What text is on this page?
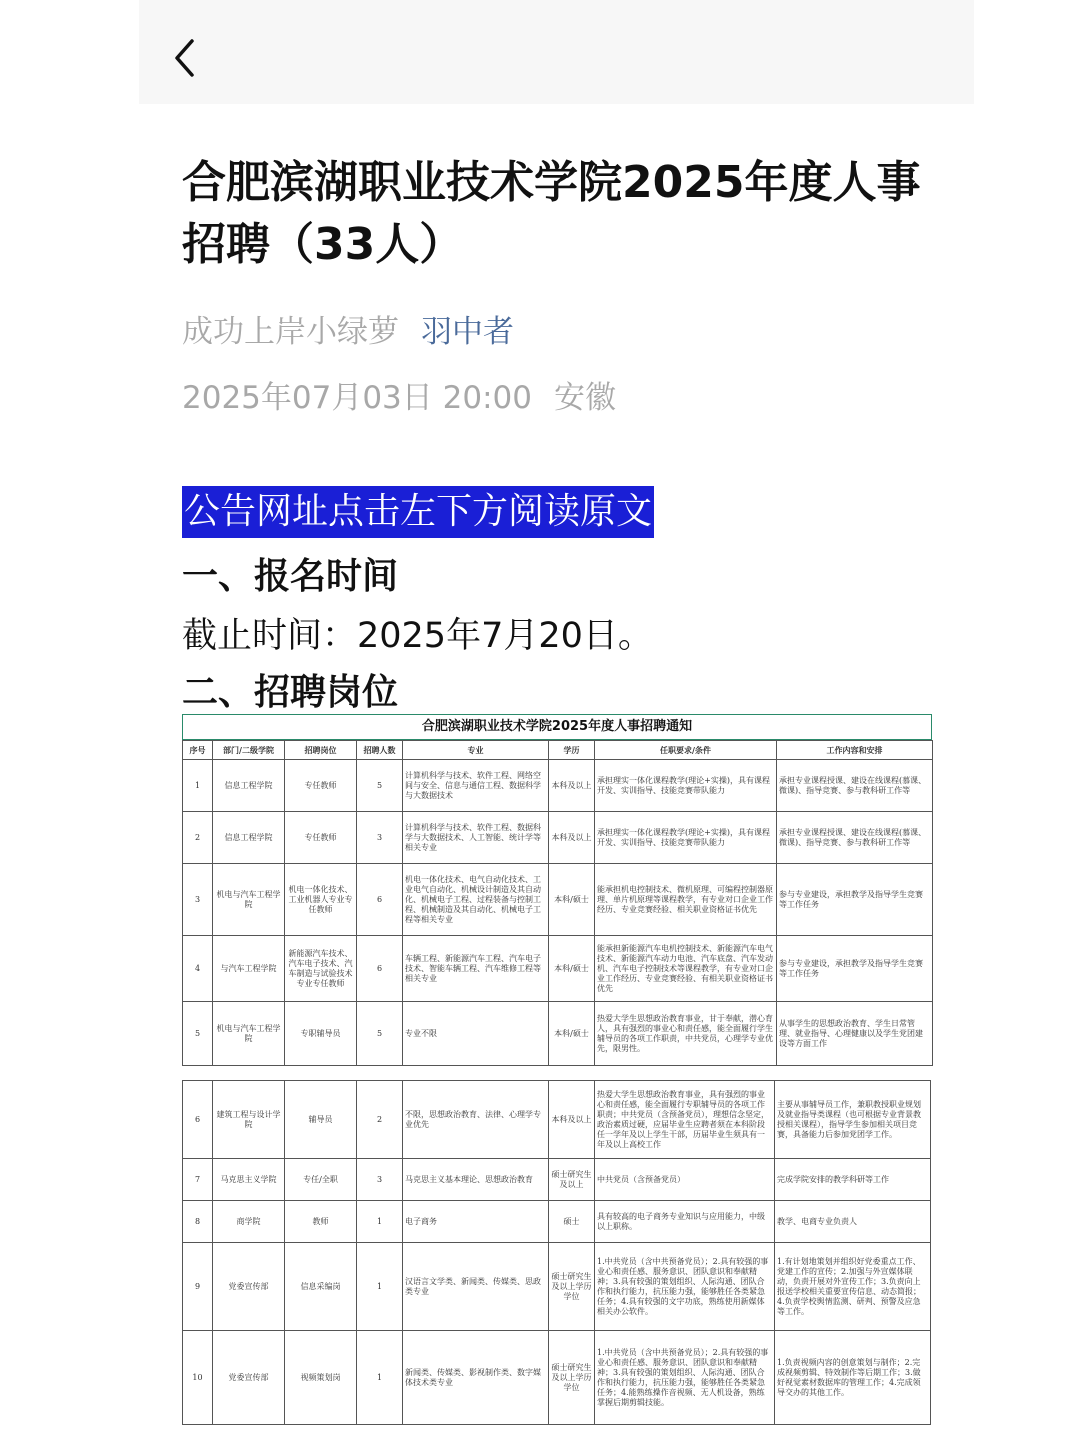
合肥滨湖职业技术学院2025年度人事招聘（33人）
成功上岸小绿萝 羽中者
2025年07月03日 20:00 安徽
公告网址点击左下方阅读原文
一、报名时间
截止时间：2025年7月20日。
二、招聘岗位
合肥滨湖职业技术学院2025年度人事招聘通知
序号	部门/二级学院	招聘岗位	招聘人数	专业	学历	任职要求/条件	工作内容和安排
1	信息工程学院	专任教师	5	计算机科学与技术、软件工程、网络空间与安全、信息与通信工程、数据科学与大数据技术	本科及以上	承担理实一体化课程教学(理论+实操)，具有课程开发、实训指导、技能竞赛带队能力	承担专业课程授课、建设在线课程(慕课、微课)、指导竞赛、参与教科研工作等
2	信息工程学院	专任教师	3	计算机科学与技术、软件工程、数据科学与大数据技术、人工智能、统计学等相关专业	本科及以上	承担理实一体化课程教学(理论+实操)，具有课程开发、实训指导、技能竞赛带队能力	承担专业课程授课、建设在线课程(慕课、微课)、指导竞赛、参与教科研工作等
3	机电与汽车工程学院	机电一体化技术、工业机器人专业专任教师	6	机电一体化技术、电气自动化技术、工业电气自动化、机械设计制造及其自动化、机械电子工程、过程装备与控制工程、机械制造及其自动化、机械电子工程等相关专业	本科/硕士	能承担机电控制技术、微机原理、可编程控制器原理、单片机原理等课程教学，有专业对口企业工作经历、专业竞赛经验、相关职业资格证书优先	参与专业建设，承担教学及指导学生竞赛等工作任务
4	与汽车工程学院	新能源汽车技术、汽车电子技术、汽车制造与试验技术专业专任教师	6	车辆工程、新能源汽车工程、汽车电子技术、智能车辆工程、汽车维修工程等相关专业	本科/硕士	能承担新能源汽车电机控制技术、新能源汽车电气技术、新能源汽车动力电池、汽车底盘、汽车发动机、汽车电子控制技术等课程教学，有专业对口企业工作经历、专业竞赛经验、有相关职业资格证书优先	参与专业建设，承担教学及指导学生竞赛等工作任务
5	机电与汽车工程学院	专职辅导员	5	专业不限	本科/硕士	热爱大学生思想政治教育事业，甘于奉献，潜心育人，具有强烈的事业心和责任感，能全面履行学生辅导员的各项工作职责，中共党员，心理学专业优先，限男性。	从事学生的思想政治教育、学生日常管理、就业指导、心理健康以及学生党团建设等方面工作
6	建筑工程与设计学院	辅导员	2	不限，思想政治教育、法律、心理学专业优先	本科及以上	热爱大学生思想政治教育事业，具有强烈的事业心和责任感，能全面履行专职辅导员的各项工作职责；中共党员（含预备党员），理想信念坚定，政治素质过硬，应届毕业生应聘者须在本科阶段任一学年及以上学生干部，历届毕业生须具有一年及以上高校工作	主要从事辅导员工作，兼职教授职业规划及就业指导类课程（也可根据专业背景教授相关课程），指导学生参加相关项目竞赛，具备能力后参加党团学工作。
7	马克思主义学院	专任/全职	3	马克思主义基本理论、思想政治教育	硕士研究生及以上	中共党员（含预备党员）	完成学院安排的教学科研等工作
8	商学院	教师	1	电子商务	硕士	具有较高的电子商务专业知识与应用能力，中级以上职称。	教学、电商专业负责人
9	党委宣传部	信息采编岗	1	汉语言文学类、新闻类、传媒类、思政类专业	硕士研究生及以上学历学位	1.中共党员（含中共预备党员）；2.具有较强的事业心和责任感、服务意识、团队意识和奉献精神；3.具有较强的策划组织、人际沟通、团队合作和执行能力，抗压能力强，能够胜任各类紧急任务；4.具有较强的文字功底，熟练使用新媒体相关办公软件。	1.有计划地策划并组织好党委重点工作、党建工作的宣传；2.加强与外宣媒体联动，负责开展对外宣传工作；3.负责向上报送学校相关重要宣传信息、动态简报；4.负责学校舆情监测、研判、预警及应急等工作。
10	党委宣传部	视频策划岗	1	新闻类、传媒类、影视制作类、数字媒体技术类专业	硕士研究生及以上学历学位	1.中共党员（含中共预备党员）；2.具有较强的事业心和责任感、服务意识、团队意识和奉献精神；3.具有较强的策划组织、人际沟通、团队合作和执行能力，抗压能力强，能够胜任各类紧急任务；4.能熟练操作音视频、无人机设备，熟练掌握后期剪辑技能。	1.负责视频内容的创意策划与制作；2.完成视频剪辑、特效制作等后期工作；3.做好视觉素材数据库的管理工作；4.完成领导交办的其他工作。
